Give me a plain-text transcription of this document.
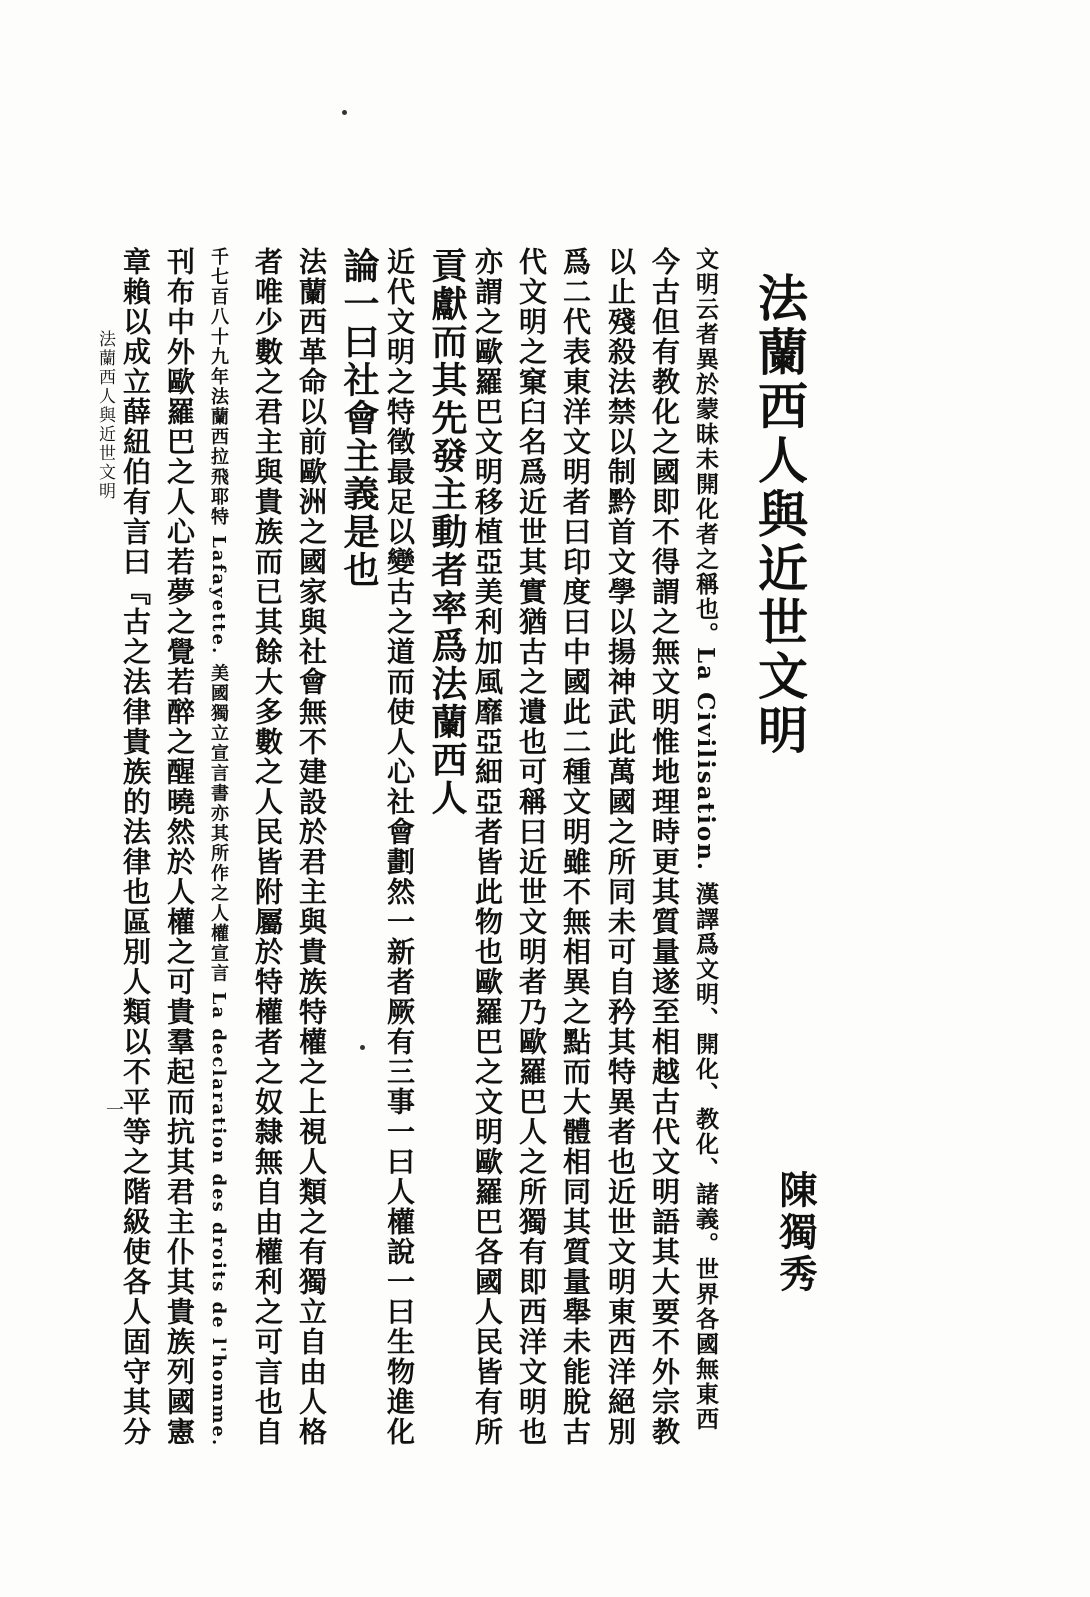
法蘭西人與近世文明
陳獨秀
文明云者異於蒙昧未開化者之稱也。La Civilisation. 漢譯爲文明、開化、教化、諸義。世界各國無東西
今古但有教化之國即不得謂之無文明惟地理時更其質量遂至相越古代文明語其大要不外宗教
以止殘殺法禁以制黔首文學以揚神武此萬國之所同未可自矜其特異者也近世文明東西洋絕別
爲二代表東洋文明者曰印度曰中國此二種文明雖不無相異之點而大體相同其質量舉未能脫古
代文明之窠臼名爲近世其實猶古之遺也可稱曰近世文明者乃歐羅巴人之所獨有即西洋文明也
亦謂之歐羅巴文明移植亞美利加風靡亞細亞者皆此物也歐羅巴之文明歐羅巴各國人民皆有所
貢獻而其先發主動者率爲法蘭西人
近代文明之特徵最足以變古之道而使人心社會劃然一新者厥有三事一曰人權說一曰生物進化
論一曰社會主義是也
法蘭西革命以前歐洲之國家與社會無不建設於君主與貴族特權之上視人類之有獨立自由人格
者唯少數之君主與貴族而已其餘大多數之人民皆附屬於特權者之奴隸無自由權利之可言也自
千七百八十九年法蘭西拉飛耶特 Lafayette. 美國獨立宣言書亦其所作之人權宣言 La declaration des droits de l'homme.
刊布中外歐羅巴之人心若夢之覺若醉之醒曉然於人權之可貴羣起而抗其君主仆其貴族列國憲
章賴以成立薛紐伯有言曰『古之法律貴族的法律也區別人類以不平等之階級使各人固守其分
法蘭西人與近世文明
一
